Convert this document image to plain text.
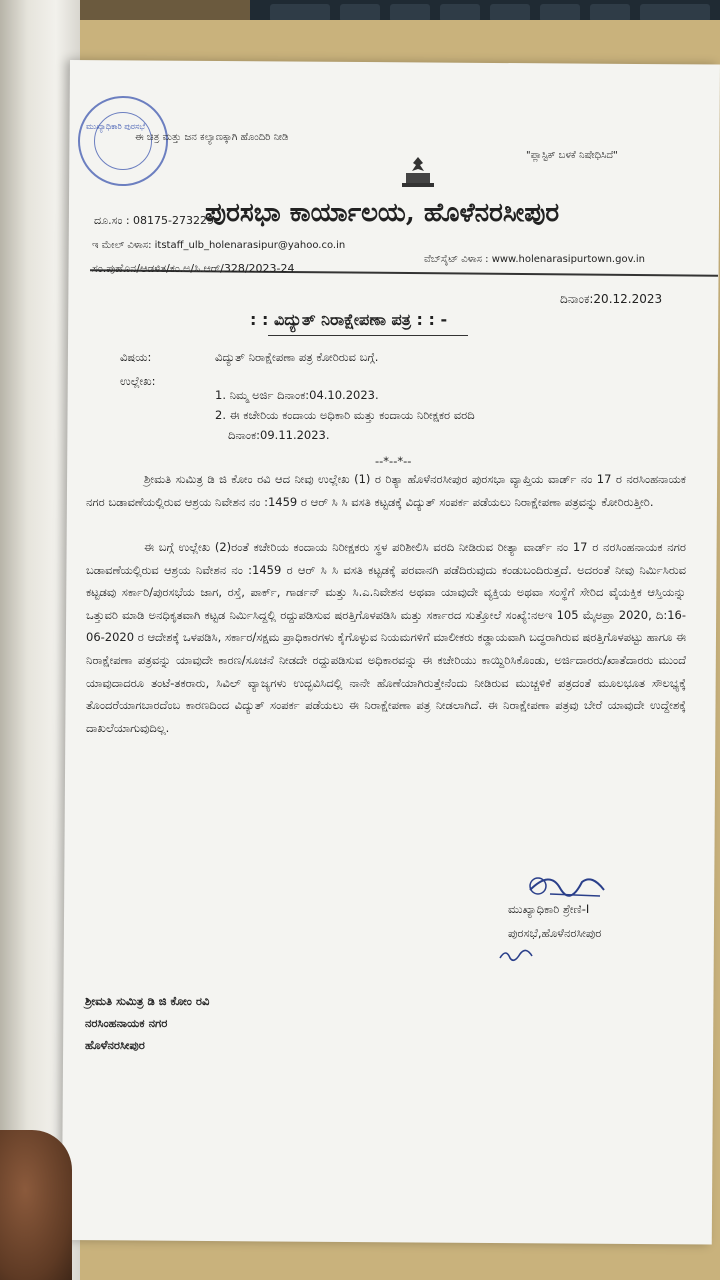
ಮುಖ್ಯಾಧಿಕಾರಿ ಪುರಸಭೆ
ಈ ಚಿತ್ರ ಮತ್ತು ಜನ ಕಲ್ಯಾಣಕ್ಕಾಗಿ ಹೊಂದಿರಿ ನೀಡಿ
"ಪ್ಲಾಸ್ಟಿಕ್ ಬಳಕೆ ನಿಷೇಧಿಸಿದೆ"
ಪುರಸಭಾ ಕಾರ್ಯಾಲಯ, ಹೊಳೆನರಸೀಪುರ
ದೂ.ಸಂ : 08175-273229
ಇ ಮೇಲ್ ವಿಳಾಸ: itstaff_ulb_holenarasipur@yahoo.co.in
ವೆಬ್‌ಸೈಟ್ ವಿಳಾಸ : www.holenarasipurtown.gov.in
ಸಂ.ಪುಹೊನ/ಆಡಳಿತ/ಕಂ.ಅ/ಸಿ.ಆರ್/328/2023-24
ದಿನಾಂಕ:20.12.2023
: : ವಿದ್ಯುತ್ ನಿರಾಕ್ಷೇಪಣಾ ಪತ್ರ : : -
ವಿಷಯ:	ವಿದ್ಯುತ್ ನಿರಾಕ್ಷೇಪಣಾ ಪತ್ರ ಕೋರಿರುವ ಬಗ್ಗೆ.
ಉಲ್ಲೇಖ:
1. ನಿಮ್ಮ ಅರ್ಜಿ ದಿನಾಂಕ:04.10.2023.
2. ಈ ಕಚೇರಿಯ ಕಂದಾಯ ಅಧಿಕಾರಿ ಮತ್ತು ಕಂದಾಯ ನಿರೀಕ್ಷಕರ ವರದಿ
ದಿನಾಂಕ:09.11.2023.
--*--*--
ಶ್ರೀಮತಿ ಸುಮಿತ್ರ ಡಿ ಜಿ ಕೋಂ ರವಿ ಆದ ನೀವು ಉಲ್ಲೇಖ (1) ರ ರಿತ್ಯಾ ಹೊಳೆನರಸೀಪುರ ಪುರಸಭಾ ವ್ಯಾಪ್ತಿಯ ವಾರ್ಡ್ ನಂ 17 ರ ನರಸಿಂಹನಾಯಕ ನಗರ ಬಡಾವಣೆಯಲ್ಲಿರುವ ಆಶ್ರಯ ನಿವೇಶನ ನಂ :1459 ರ ಆರ್ ಸಿ ಸಿ ವಸತಿ ಕಟ್ಟಡಕ್ಕೆ ವಿದ್ಯುತ್ ಸಂಪರ್ಕ ಪಡೆಯಲು ನಿರಾಕ್ಷೇಪಣಾ ಪತ್ರವನ್ನು ಕೋರಿರುತ್ತೀರಿ.
ಈ ಬಗ್ಗೆ ಉಲ್ಲೇಖ (2)ರಂತೆ ಕಚೇರಿಯ ಕಂದಾಯ ನಿರೀಕ್ಷಕರು ಸ್ಥಳ ಪರಿಶೀಲಿಸಿ ವರದಿ ನೀಡಿರುವ ರೀತ್ಯಾ ವಾರ್ಡ್ ನಂ 17 ರ ನರಸಿಂಹನಾಯಕ ನಗರ ಬಡಾವಣೆಯಲ್ಲಿರುವ ಆಶ್ರಯ ನಿವೇಶನ ನಂ :1459 ರ ಆರ್ ಸಿ ಸಿ ವಸತಿ ಕಟ್ಟಡಕ್ಕೆ ಪರವಾನಗಿ ಪಡೆದಿರುವುದು ಕಂಡುಬಂದಿರುತ್ತದೆ. ಅದರಂತೆ ನೀವು ನಿರ್ಮಿಸಿರುವ ಕಟ್ಟಡವು ಸರ್ಕಾರಿ/ಪುರಸಭೆಯ ಜಾಗ, ರಸ್ತೆ, ಪಾರ್ಕ್, ಗಾರ್ಡನ್ ಮತ್ತು ಸಿ.ಎ.ನಿವೇಶನ ಅಥವಾ ಯಾವುದೇ ವ್ಯಕ್ತಿಯ ಅಥವಾ ಸಂಸ್ಥೆಗೆ ಸೇರಿದ ವೈಯಕ್ತಿಕ ಆಸ್ತಿಯನ್ನು ಒತ್ತುವರಿ ಮಾಡಿ ಅನಧಿಕೃತವಾಗಿ ಕಟ್ಟಡ ನಿರ್ಮಿಸಿದ್ದಲ್ಲಿ ರದ್ದುಪಡಿಸುವ ಷರತ್ತಿಗೊಳಪಡಿಸಿ ಮತ್ತು ಸರ್ಕಾರದ ಸುತ್ತೋಲೆ ಸಂಖ್ಯೆ:ನಅಇ 105 ಮೈಅಪ್ರಾ 2020, ದಿ:16-06-2020 ರ ಆದೇಶಕ್ಕೆ ಒಳಪಡಿಸಿ, ಸರ್ಕಾರ/ಸಕ್ಷಮ ಪ್ರಾಧಿಕಾರಗಳು ಕೈಗೊಳ್ಳುವ ನಿಯಮಗಳಿಗೆ ಮಾಲೀಕರು ಕಡ್ಡಾಯವಾಗಿ ಬದ್ಧರಾಗಿರುವ ಷರತ್ತಿಗೊಳಪಟ್ಟು ಹಾಗೂ ಈ ನಿರಾಕ್ಷೇಪಣಾ ಪತ್ರವನ್ನು ಯಾವುದೇ ಕಾರಣ/ಸೂಚನೆ ನೀಡದೇ ರದ್ದುಪಡಿಸುವ ಅಧಿಕಾರವನ್ನು ಈ ಕಚೇರಿಯು ಕಾಯ್ದಿರಿಸಿಕೊಂಡು, ಅರ್ಜಿದಾರರು/ಖಾತೆದಾರರು ಮುಂದೆ ಯಾವುದಾದರೂ ತಂಟೆ-ತಕರಾರು, ಸಿವಿಲ್ ವ್ಯಾಜ್ಯಗಳು ಉದ್ಭವಿಸಿದಲ್ಲಿ ನಾನೇ ಹೊಣೆಯಾಗಿರುತ್ತೇನೆಂದು ನೀಡಿರುವ ಮುಚ್ಚಳಿಕೆ ಪತ್ರದಂತೆ ಮೂಲಭೂತ ಸೌಲಭ್ಯಕ್ಕೆ ತೊಂದರೆಯಾಗಬಾರದೆಂಬ ಕಾರಣದಿಂದ ವಿದ್ಯುತ್ ಸಂಪರ್ಕ ಪಡೆಯಲು ಈ ನಿರಾಕ್ಷೇಪಣಾ ಪತ್ರ ನೀಡಲಾಗಿದೆ. ಈ ನಿರಾಕ್ಷೇಪಣಾ ಪತ್ರವು ಬೇರೆ ಯಾವುದೇ ಉದ್ದೇಶಕ್ಕೆ ದಾಖಲೆಯಾಗುವುದಿಲ್ಲ.
ಮುಖ್ಯಾಧಿಕಾರಿ ಶ್ರೇಣಿ-I
ಪುರಸಭೆ,ಹೊಳೆನರಸೀಪುರ
ಶ್ರೀಮತಿ ಸುಮಿತ್ರ ಡಿ ಜಿ ಕೋಂ ರವಿ
ನರಸಿಂಹನಾಯಕ ನಗರ
ಹೊಳೆನರಸೀಪುರ
